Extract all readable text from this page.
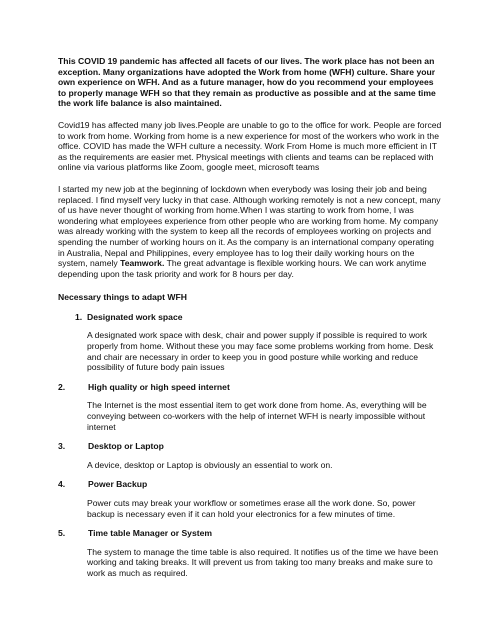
This COVID 19 pandemic has affected all facets of our lives. The work place has not been an exception. Many organizations have adopted the Work from home (WFH) culture. Share your own experience on WFH. And as a future manager, how do you recommend your employees to properly manage WFH so that they remain as productive as possible and at the same time the work life balance is also maintained.

Covid19 has affected many job lives.People are unable to go to the office for work. People are forced to work from home. Working from home is a new experience for most of the workers who work in the office. COVID has made the WFH culture a necessity. Work From Home is much more efficient in IT as the requirements are easier met. Physical meetings with clients and teams can be replaced with online via various platforms like Zoom, google meet, microsoft teams

I started my new job at the beginning of lockdown when everybody was losing their job and being replaced. I find myself very lucky in that case. Although working remotely is not a new concept, many of us have never thought of working from home.When I was starting to work from home, I was wondering what employees experience from other people who are working from home. My company was already working with the system to keep all the records of employees working on projects and spending the number of working hours on it. As the company is an international company operating in Australia, Nepal and Philippines, every employee has to log their daily working hours on the system, namely Teamwork. The great advantage is flexible working hours. We can work anytime depending upon the task priority and work for 8 hours per day.

Necessary things to adapt WFH

1. Designated work space

A designated work space with desk, chair and power supply if possible is required to work properly from home. Without these you may face some problems working from home. Desk and chair are necessary in order to keep you in good posture while working and reduce possibility of future body pain issues

2.	High quality or high speed internet

The Internet is the most essential item to get work done from home. As, everything will be conveying between co-workers with the help of internet WFH is nearly impossible without internet

3.	Desktop or Laptop

A device, desktop or Laptop is obviously an essential to work on.

4.	Power Backup

Power cuts may break your workflow or sometimes erase all the work done. So, power backup is necessary even if it can hold your electronics for a few minutes of time.

5.	Time table Manager or System

The system to manage the time table is also required. It notifies us of the time we have been working and taking breaks. It will prevent us from taking too many breaks and make sure to work as much as required.
